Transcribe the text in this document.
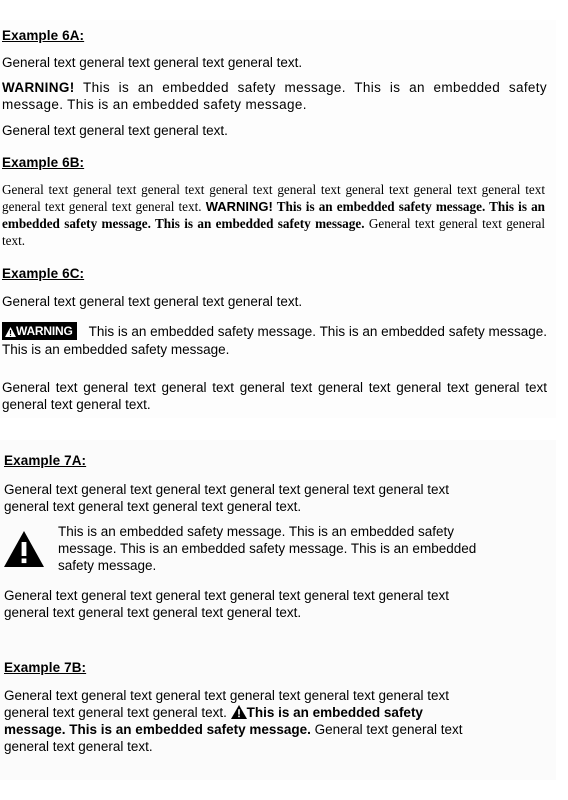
Example 6A:
General text general text general text general text.
WARNING! This is an embedded safety message. This is an embedded safety message. This is an embedded safety message.
General text general text general text.
Example 6B:
General text general text general text general text general text general text general text general text general text general text general text. WARNING! This is an embedded safety message. This is an embedded safety message. This is an embedded safety message. General text general text general text.
Example 6C:
General text general text general text general text.
WARNING This is an embedded safety message. This is an embedded safety message. This is an embedded safety message.
General text general text general text general text general text general text general text general text general text.
Example 7A:
General text general text general text general text general text general text general text general text general text general text.
This is an embedded safety message. This is an embedded safety message. This is an embedded safety message. This is an embedded safety message.
General text general text general text general text general text general text general text general text general text general text.
Example 7B:
General text general text general text general text general text general text general text general text general text. This is an embedded safety message. This is an embedded safety message. General text general text general text general text.
